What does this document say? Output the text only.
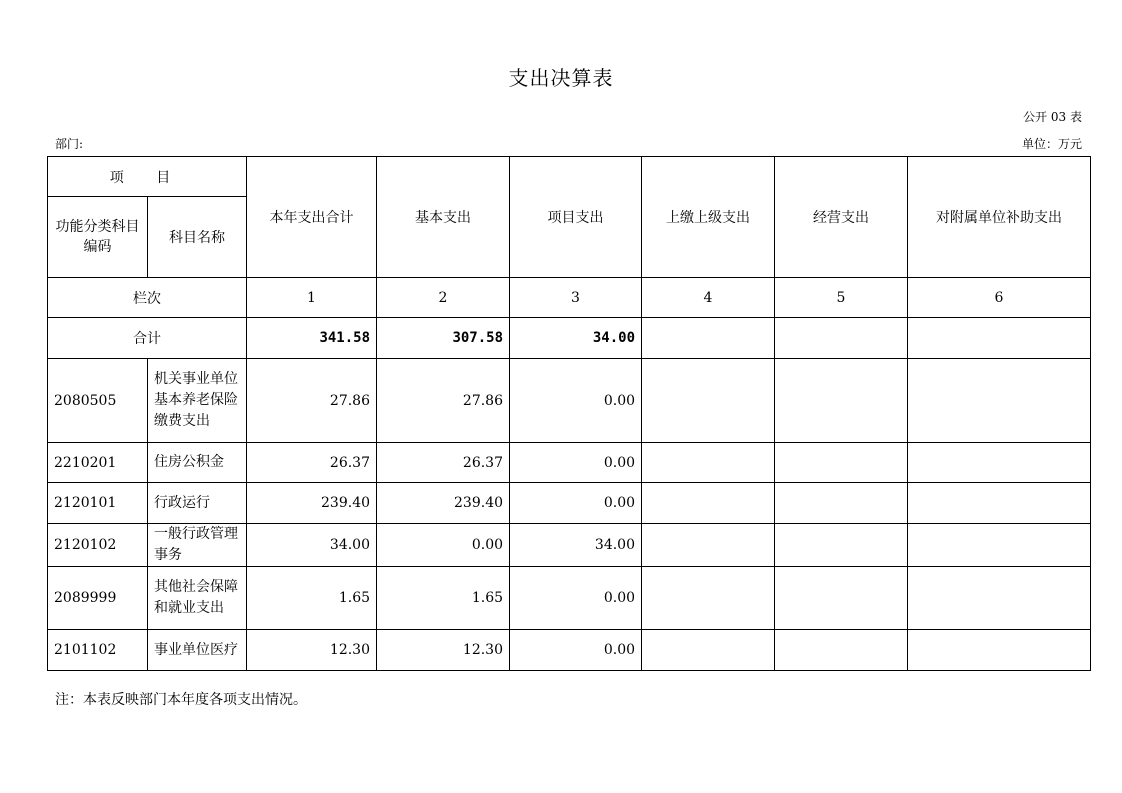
支出决算表
公开 03 表
部门:	单位：万元
项 目		本年支出合计	基本支出	项目支出	上缴上级支出	经营支出	对附属单位补助支出
功能分类科目编码	科目名称						
栏次		1	2	3	4	5	6
合计		341.58	307.58	34.00			
2080505	机关事业单位基本养老保险缴费支出	27.86	27.86	0.00			
2210201	住房公积金	26.37	26.37	0.00			
2120101	行政运行	239.40	239.40	0.00			
2120102	一般行政管理事务	34.00	0.00	34.00			
2089999	其他社会保障和就业支出	1.65	1.65	0.00			
2101102	事业单位医疗	12.30	12.30	0.00			
注：本表反映部门本年度各项支出情况。
